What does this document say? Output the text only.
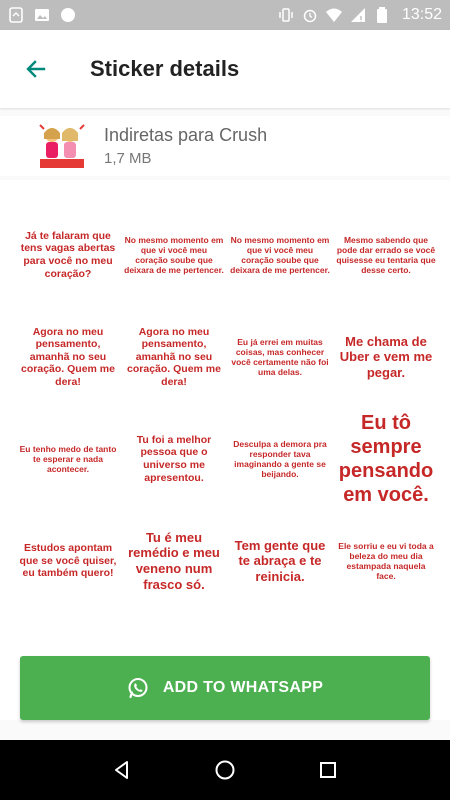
13:52
Sticker details
Indiretas para Crush
1,7 MB
Já te falaram que tens vagas abertas para você no meu coração?
No mesmo momento em que vi você meu coração soube que deixara de me pertencer.
No mesmo momento em que vi você meu coração soube que deixara de me pertencer.
Mesmo sabendo que pode dar errado se você quisesse eu tentaria que desse certo.
Agora no meu pensamento, amanhã no seu coração. Quem me dera!
Agora no meu pensamento, amanhã no seu coração. Quem me dera!
Eu já errei em muitas coisas, mas conhecer você certamente não foi uma delas.
Me chama de Uber e vem me pegar.
Eu tenho medo de tanto te esperar e nada acontecer.
Tu foi a melhor pessoa que o universo me apresentou.
Desculpa a demora pra responder tava imaginando a gente se beijando.
Eu tô sempre pensando em você.
Estudos apontam que se você quiser, eu também quero!
Tu é meu remédio e meu veneno num frasco só.
Tem gente que te abraça e te reinicia.
Ele sorriu e eu vi toda a beleza do meu dia estampada naquela face.
ADD TO WHATSAPP
